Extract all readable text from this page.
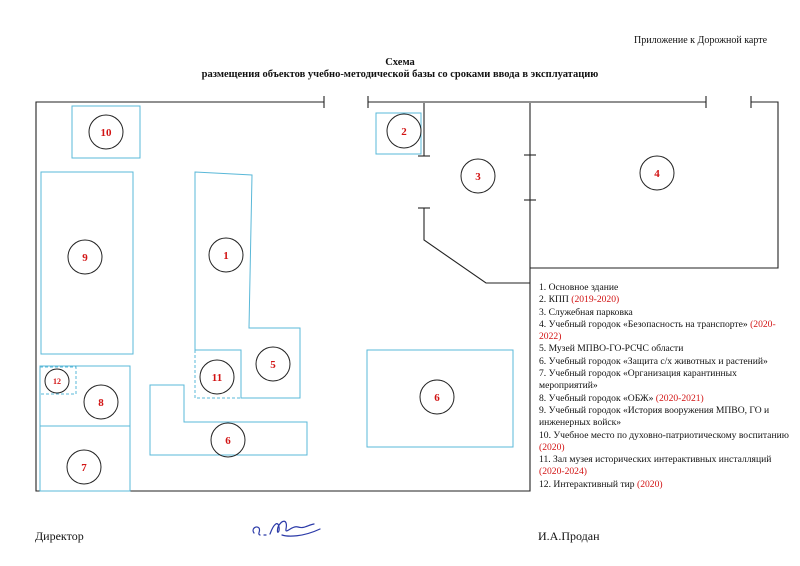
Приложение к Дорожной карте
Схема
размещения объектов учебно-методической базы со сроками ввода в эксплуатацию
1
2
3	4
5
6
6
7
8
9
10
11
12
1. Основное здание
2. КПП (2019-2020)
3. Служебная парковка
4. Учебный городок «Безопасность на транспорте» (2020-2022)
5. Музей МПВО-ГО-РСЧС области
6. Учебный городок «Защита с/х животных и растений»
7. Учебный городок «Организация карантинных мероприятий»
8. Учебный городок «ОБЖ» (2020-2021)
9. Учебный городок «История вооружения МПВО, ГО и инженерных войск»
10. Учебное место по духовно-патриотическому воспитанию (2020)
11. Зал музея исторических интерактивных инсталляций (2020-2024)
12. Интерактивный тир (2020)
Директор	И.А.Продан
